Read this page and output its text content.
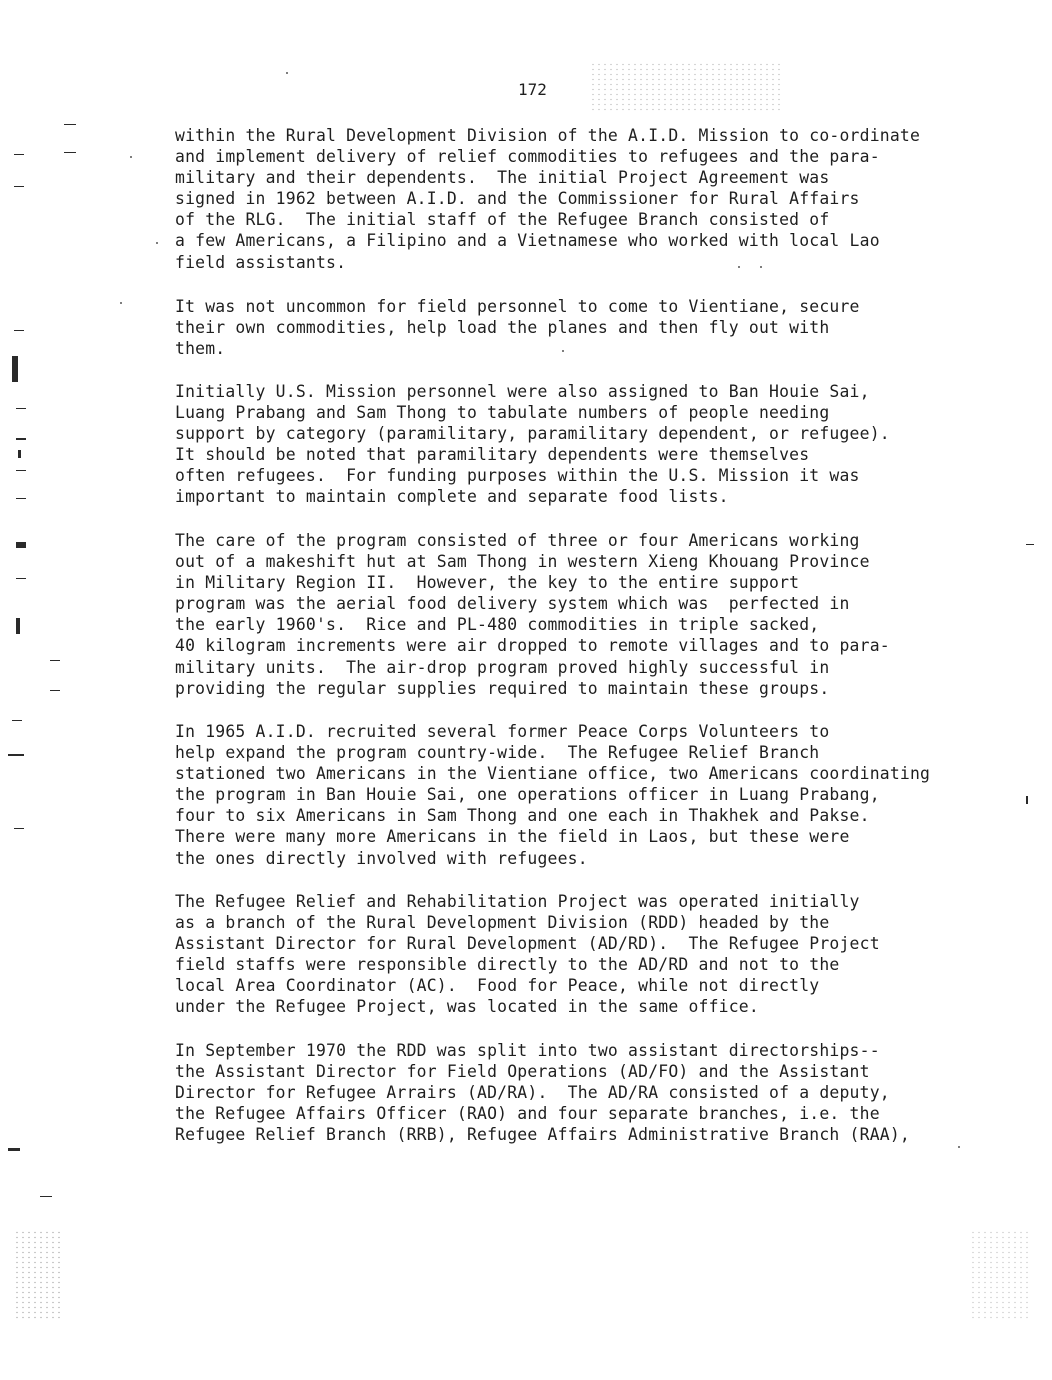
172
within the Rural Development Division of the A.I.D. Mission to co-ordinate
and implement delivery of relief commodities to refugees and the para-
military and their dependents.  The initial Project Agreement was
signed in 1962 between A.I.D. and the Commissioner for Rural Affairs
of the RLG.  The initial staff of the Refugee Branch consisted of
a few Americans, a Filipino and a Vietnamese who worked with local Lao
field assistants.
It was not uncommon for field personnel to come to Vientiane, secure
their own commodities, help load the planes and then fly out with
them.
Initially U.S. Mission personnel were also assigned to Ban Houie Sai,
Luang Prabang and Sam Thong to tabulate numbers of people needing
support by category (paramilitary, paramilitary dependent, or refugee).
It should be noted that paramilitary dependents were themselves
often refugees.  For funding purposes within the U.S. Mission it was
important to maintain complete and separate food lists.
The care of the program consisted of three or four Americans working
out of a makeshift hut at Sam Thong in western Xieng Khouang Province
in Military Region II.  However, the key to the entire support
program was the aerial food delivery system which was  perfected in
the early 1960's.  Rice and PL-480 commodities in triple sacked,
40 kilogram increments were air dropped to remote villages and to para-
military units.  The air-drop program proved highly successful in
providing the regular supplies required to maintain these groups.
In 1965 A.I.D. recruited several former Peace Corps Volunteers to
help expand the program country-wide.  The Refugee Relief Branch
stationed two Americans in the Vientiane office, two Americans coordinating
the program in Ban Houie Sai, one operations officer in Luang Prabang,
four to six Americans in Sam Thong and one each in Thakhek and Pakse.
There were many more Americans in the field in Laos, but these were
the ones directly involved with refugees.
The Refugee Relief and Rehabilitation Project was operated initially
as a branch of the Rural Development Division (RDD) headed by the
Assistant Director for Rural Development (AD/RD).  The Refugee Project
field staffs were responsible directly to the AD/RD and not to the
local Area Coordinator (AC).  Food for Peace, while not directly
under the Refugee Project, was located in the same office.
In September 1970 the RDD was split into two assistant directorships--
the Assistant Director for Field Operations (AD/FO) and the Assistant
Director for Refugee Arrairs (AD/RA).  The AD/RA consisted of a deputy,
the Refugee Affairs Officer (RAO) and four separate branches, i.e. the
Refugee Relief Branch (RRB), Refugee Affairs Administrative Branch (RAA),
